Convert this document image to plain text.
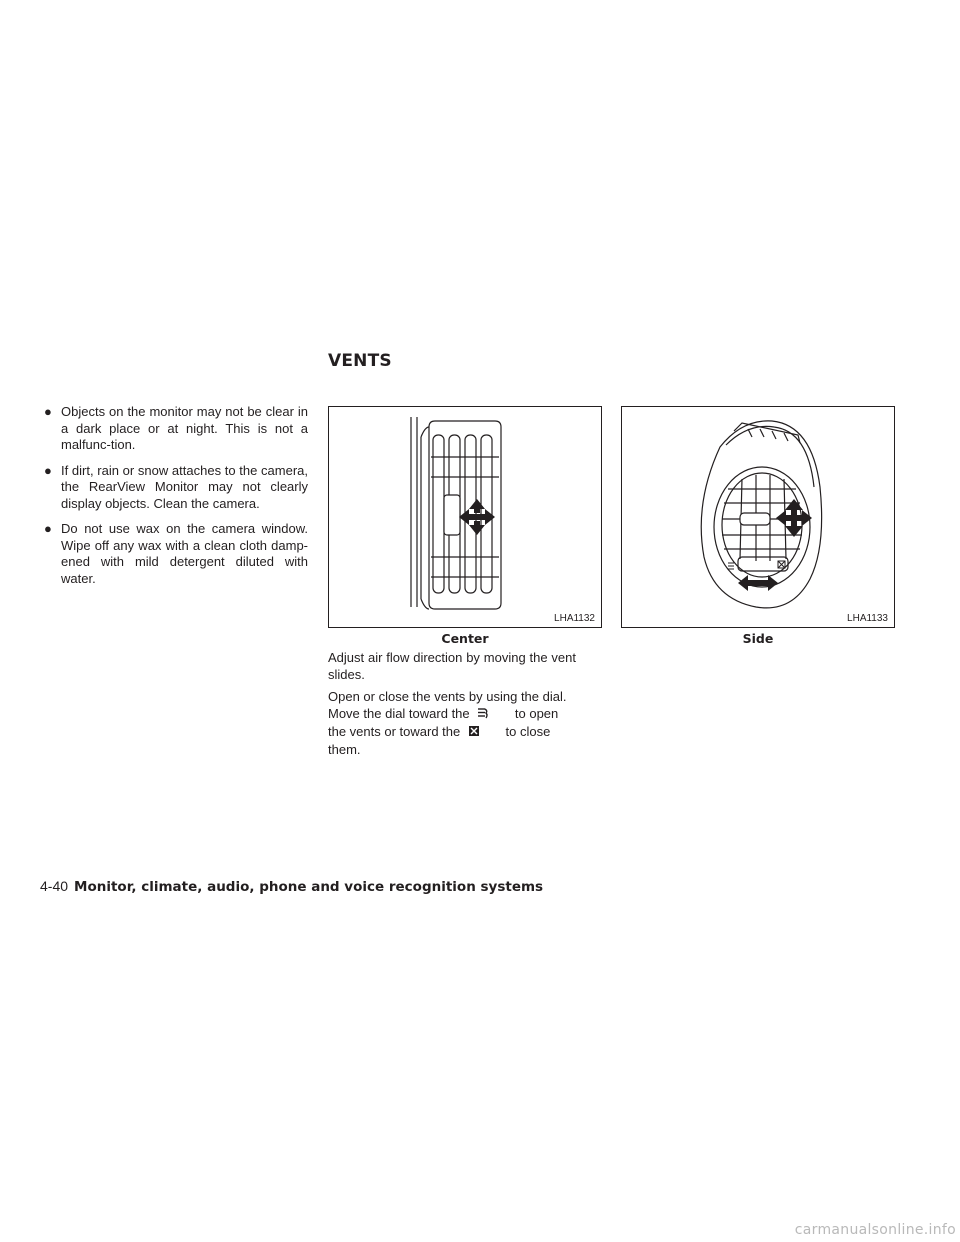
VENTS
● Objects on the monitor may not be clear in a dark place or at night. This is not a malfunc-tion.
● If dirt, rain or snow attaches to the camera, the RearView Monitor may not clearly display objects. Clean the camera.
● Do not use wax on the camera window. Wipe off any wax with a clean cloth damp-ened with mild detergent diluted with water.
LHA1132
Center
LHA1133
Side

Adjust air flow direction by moving the vent slides.

Open or close the vents by using the dial. Move the dial toward the	to open the vents or toward the	to close them.

4-40 Monitor, climate, audio, phone and voice recognition systems
carmanualsonline.info
